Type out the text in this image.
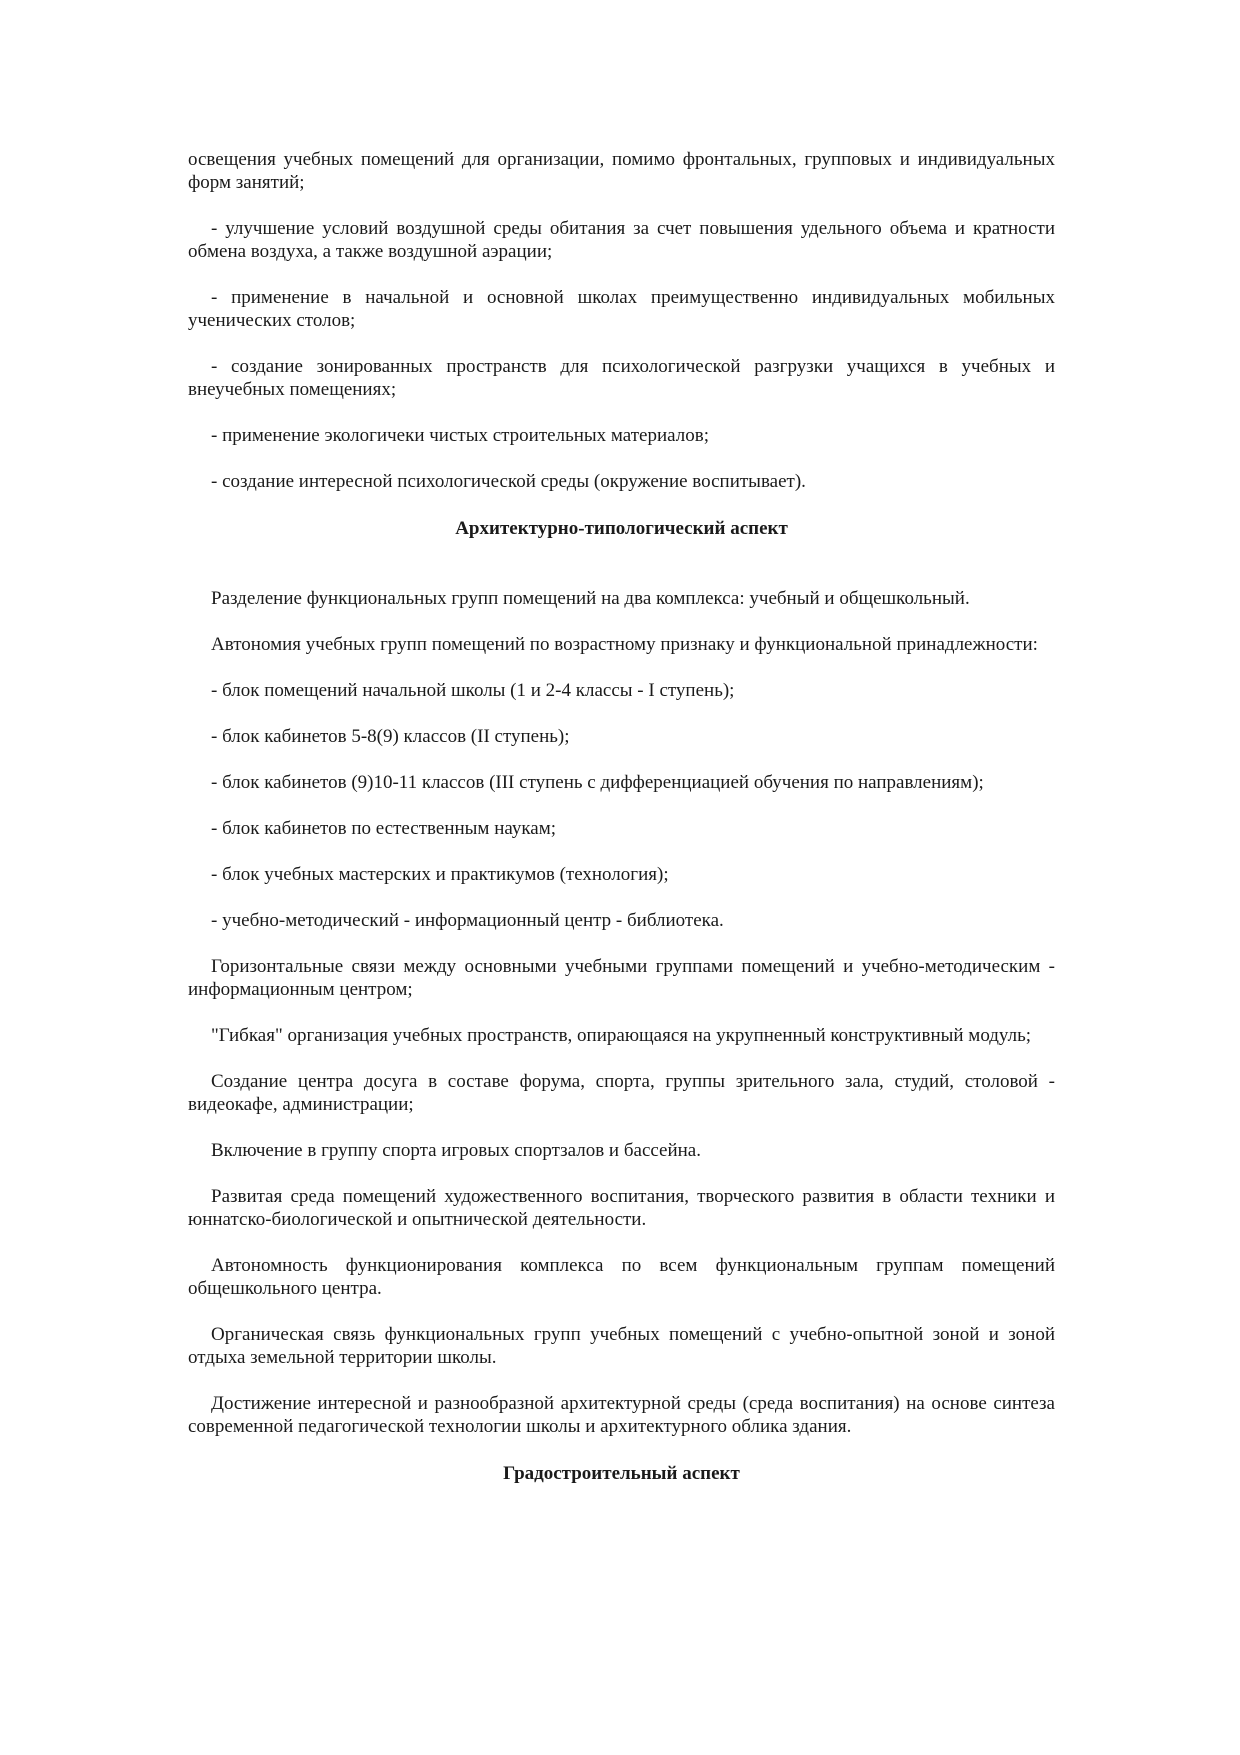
освещения учебных помещений для организации, помимо фронтальных, групповых и индивидуальных форм занятий;

- улучшение условий воздушной среды обитания за счет повышения удельного объема и кратности обмена воздуха, а также воздушной аэрации;

- применение в начальной и основной школах преимущественно индивидуальных мобильных ученических столов;

- создание зонированных пространств для психологической разгрузки учащихся в учебных и внеучебных помещениях;

- применение экологичеки чистых строительных материалов;

- создание интересной психологической среды (окружение воспитывает).

Архитектурно-типологический аспект

Разделение функциональных групп помещений на два комплекса: учебный и общешкольный.

Автономия учебных групп помещений по возрастному признаку и функциональной принадлежности:

- блок помещений начальной школы (1 и 2-4 классы - I ступень);

- блок кабинетов 5-8(9) классов (II ступень);

- блок кабинетов (9)10-11 классов (III ступень с дифференциацией обучения по направлениям);

- блок кабинетов по естественным наукам;

- блок учебных мастерских и практикумов (технология);

- учебно-методический - информационный центр - библиотека.

Горизонтальные связи между основными учебными группами помещений и учебно-методическим - информационным центром;

"Гибкая" организация учебных пространств, опирающаяся на укрупненный конструктивный модуль;

Создание центра досуга в составе форума, спорта, группы зрительного зала, студий, столовой - видеокафе, администрации;

Включение в группу спорта игровых спортзалов и бассейна.

Развитая среда помещений художественного воспитания, творческого развития в области техники и юннатско-биологической и опытнической деятельности.

Автономность функционирования комплекса по всем функциональным группам помещений общешкольного центра.

Органическая связь функциональных групп учебных помещений с учебно-опытной зоной и зоной отдыха земельной территории школы.

Достижение интересной и разнообразной архитектурной среды (среда воспитания) на основе синтеза современной педагогической технологии школы и архитектурного облика здания.

Градостроительный аспект
